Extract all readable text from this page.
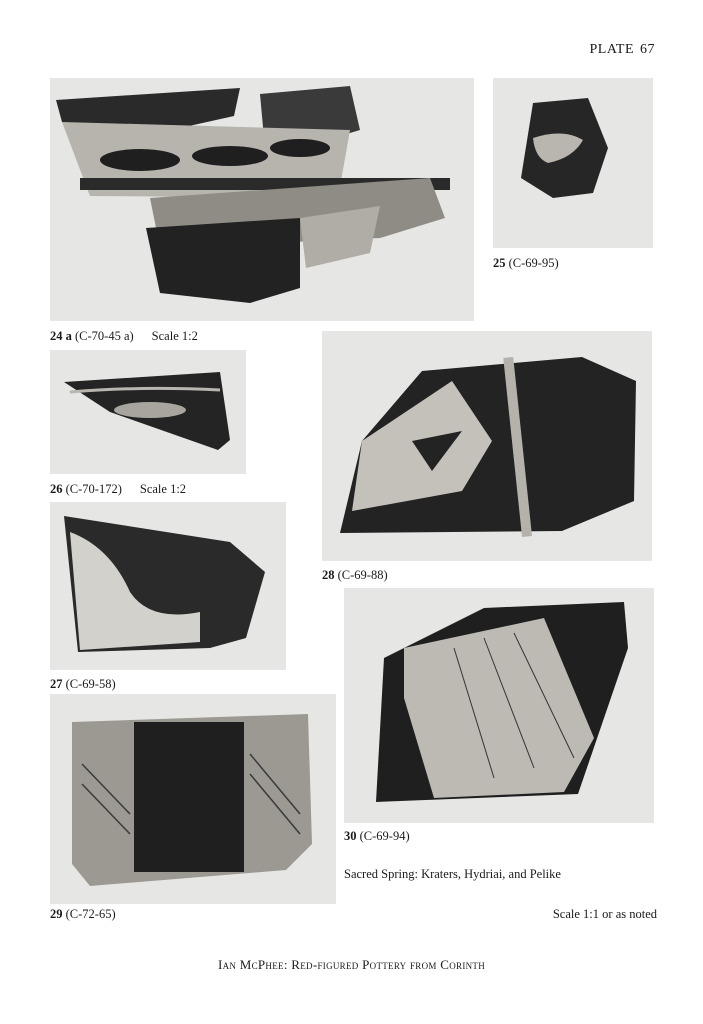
PLATE 67
24 a (C-70-45 a) Scale 1:2
25 (C-69-95)
26 (C-70-172) Scale 1:2
27 (C-69-58)
28 (C-69-88)
29 (C-72-65)
30 (C-69-94)
Sacred Spring: Kraters, Hydriai, and Pelike
Scale 1:1 or as noted
Ian McPhee: Red-figured Pottery from Corinth
